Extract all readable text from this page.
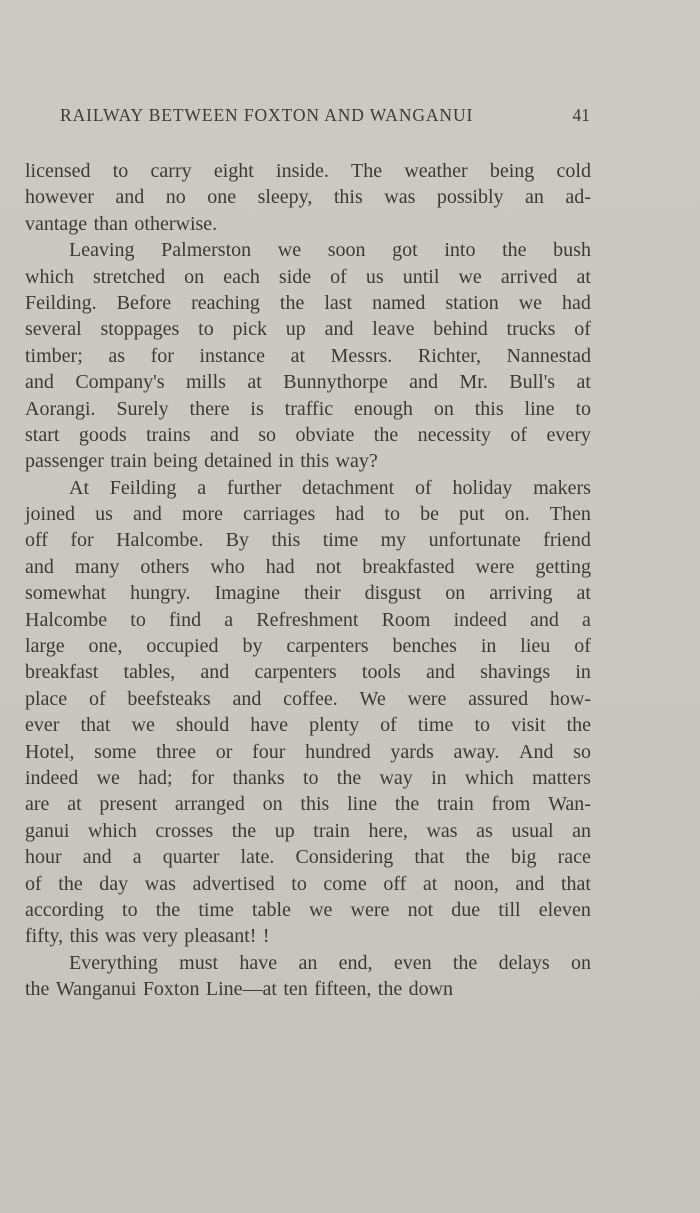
RAILWAY BETWEEN FOXTON AND WANGANUI	41
licensed to carry eight inside. The weather being cold
however and no one sleepy, this was possibly an ad-
vantage than otherwise.
Leaving Palmerston we soon got into the bush
which stretched on each side of us until we arrived at
Feilding. Before reaching the last named station we had
several stoppages to pick up and leave behind trucks of
timber; as for instance at Messrs. Richter, Nannestad
and Company's mills at Bunnythorpe and Mr. Bull's at
Aorangi. Surely there is traffic enough on this line to
start goods trains and so obviate the necessity of every
passenger train being detained in this way?
At Feilding a further detachment of holiday makers
joined us and more carriages had to be put on. Then
off for Halcombe. By this time my unfortunate friend
and many others who had not breakfasted were getting
somewhat hungry. Imagine their disgust on arriving at
Halcombe to find a Refreshment Room indeed and a
large one, occupied by carpenters benches in lieu of
breakfast tables, and carpenters tools and shavings in
place of beefsteaks and coffee. We were assured how-
ever that we should have plenty of time to visit the
Hotel, some three or four hundred yards away. And so
indeed we had; for thanks to the way in which matters
are at present arranged on this line the train from Wan-
ganui which crosses the up train here, was as usual an
hour and a quarter late. Considering that the big race
of the day was advertised to come off at noon, and that
according to the time table we were not due till eleven
fifty, this was very pleasant! !
Everything must have an end, even the delays on
the Wanganui Foxton Line—at ten fifteen, the down
